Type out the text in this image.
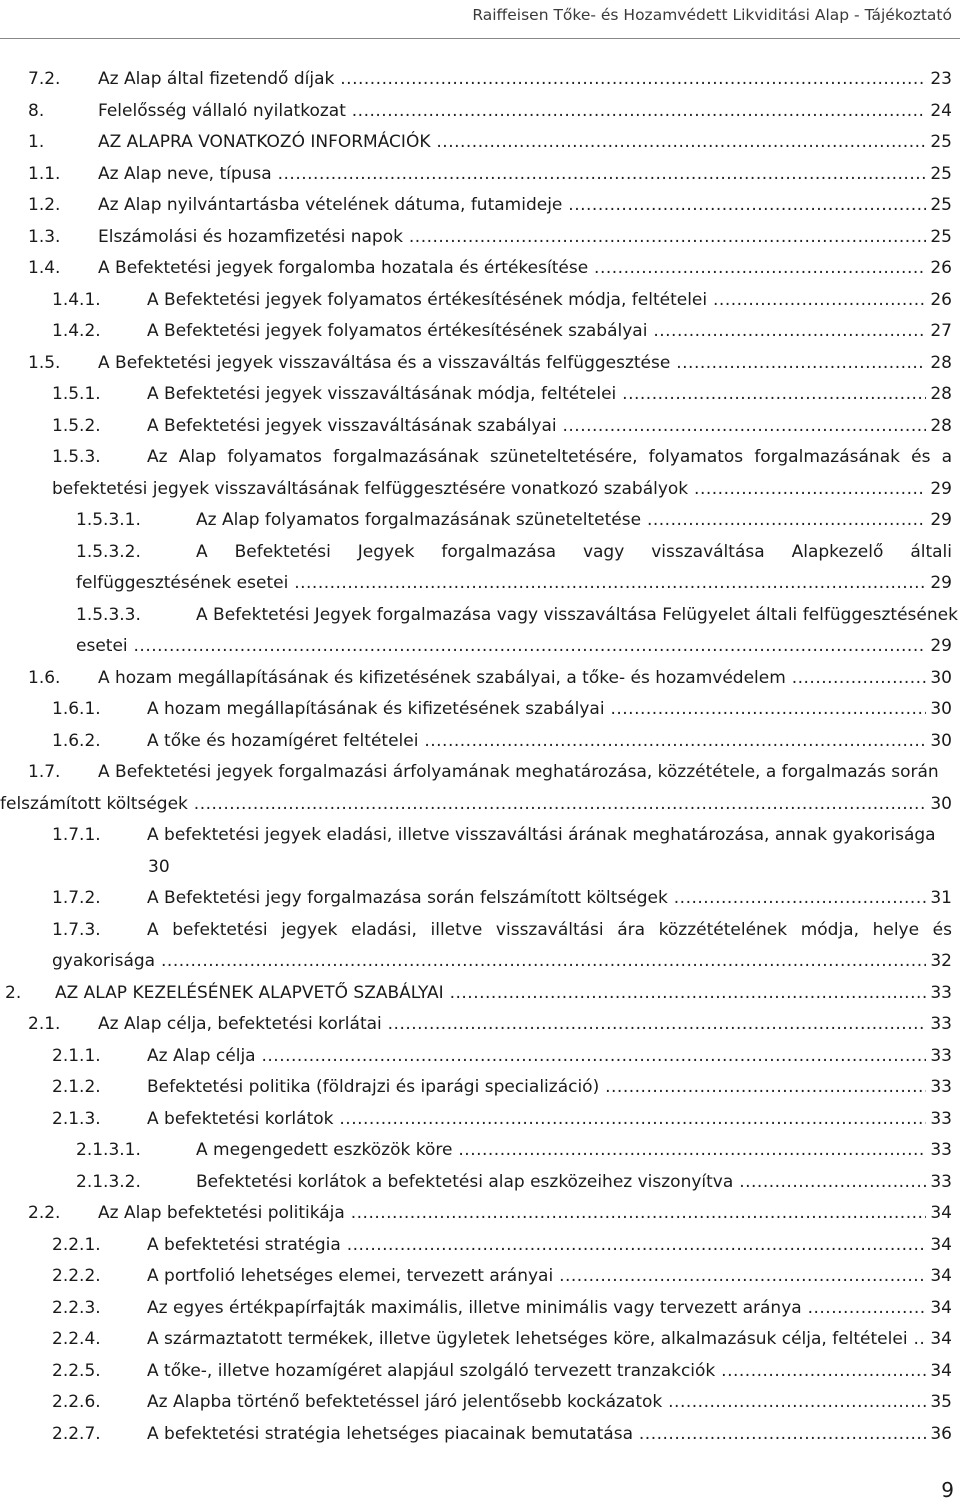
Raiffeisen Tőke- és Hozamvédett Likviditási Alap - Tájékoztató
7.2.	Az Alap által fizetendő díjak .....	23
8.	Felelősség vállaló nyilatkozat .....	24
1.	AZ ALAPRA VONATKOZÓ INFORMÁCIÓK .....	25
1.1.	Az Alap neve, típusa .....	25
1.2.	Az Alap nyilvántartásba vételének dátuma, futamideje .....	25
1.3.	Elszámolási és hozamfizetési napok .....	25
1.4.	A Befektetési jegyek forgalomba hozatala és értékesítése .....	26
1.4.1.	A Befektetési jegyek folyamatos értékesítésének módja, feltételei .....	26
1.4.2.	A Befektetési jegyek folyamatos értékesítésének szabályai .....	27
1.5.	A Befektetési jegyek visszaváltása és a visszaváltás felfüggesztése .....	28
1.5.1.	A Befektetési jegyek visszaváltásának módja, feltételei .....	28
1.5.2.	A Befektetési jegyek visszaváltásának szabályai .....	28
1.5.3.	Az Alap folyamatos forgalmazásának szüneteltetésére, folyamatos forgalmazásának és a
befektetési jegyek visszaváltásának felfüggesztésére vonatkozó szabályok .....	29
1.5.3.1.	Az Alap folyamatos forgalmazásának szüneteltetése .....	29
1.5.3.2.	A Befektetési Jegyek forgalmazása vagy visszaváltása Alapkezelő általi
felfüggesztésének esetei .....	29
1.5.3.3.	A Befektetési Jegyek forgalmazása vagy visszaváltása Felügyelet általi felfüggesztésének
esetei .....	29
1.6.	A hozam megállapításának és kifizetésének szabályai, a tőke- és hozamvédelem .....	30
1.6.1.	A hozam megállapításának és kifizetésének szabályai .....	30
1.6.2.	A tőke és hozamígéret feltételei .....	30
1.7.	A Befektetési jegyek forgalmazási árfolyamának meghatározása, közzététele, a forgalmazás során
felszámított költségek .....	30
1.7.1.	A befektetési jegyek eladási, illetve visszaváltási árának meghatározása, annak gyakorisága
30
1.7.2.	A Befektetési jegy forgalmazása során felszámított költségek .....	31
1.7.3.	A befektetési jegyek eladási, illetve visszaváltási ára közzétételének módja, helye és
gyakorisága .....	32
2.	AZ ALAP KEZELÉSÉNEK ALAPVETŐ SZABÁLYAI .....	33
2.1.	Az Alap célja, befektetési korlátai .....	33
2.1.1.	Az Alap célja .....	33
2.1.2.	Befektetési politika (földrajzi és iparági specializáció) .....	33
2.1.3.	A befektetési korlátok .....	33
2.1.3.1.	A megengedett eszközök köre .....	33
2.1.3.2.	Befektetési korlátok a befektetési alap eszközeihez viszonyítva .....	33
2.2.	Az Alap befektetési politikája .....	34
2.2.1.	A befektetési stratégia .....	34
2.2.2.	A portfolió lehetséges elemei, tervezett arányai .....	34
2.2.3.	Az egyes értékpapírfajták maximális, illetve minimális vagy tervezett aránya .....	34
2.2.4.	A származtatott termékek, illetve ügyletek lehetséges köre, alkalmazásuk célja, feltételei .....	34
2.2.5.	A tőke-, illetve hozamígéret alapjául szolgáló tervezett tranzakciók .....	34
2.2.6.	Az Alapba történő befektetéssel járó jelentősebb kockázatok .....	35
2.2.7.	A befektetési stratégia lehetséges piacainak bemutatása .....	36
9
